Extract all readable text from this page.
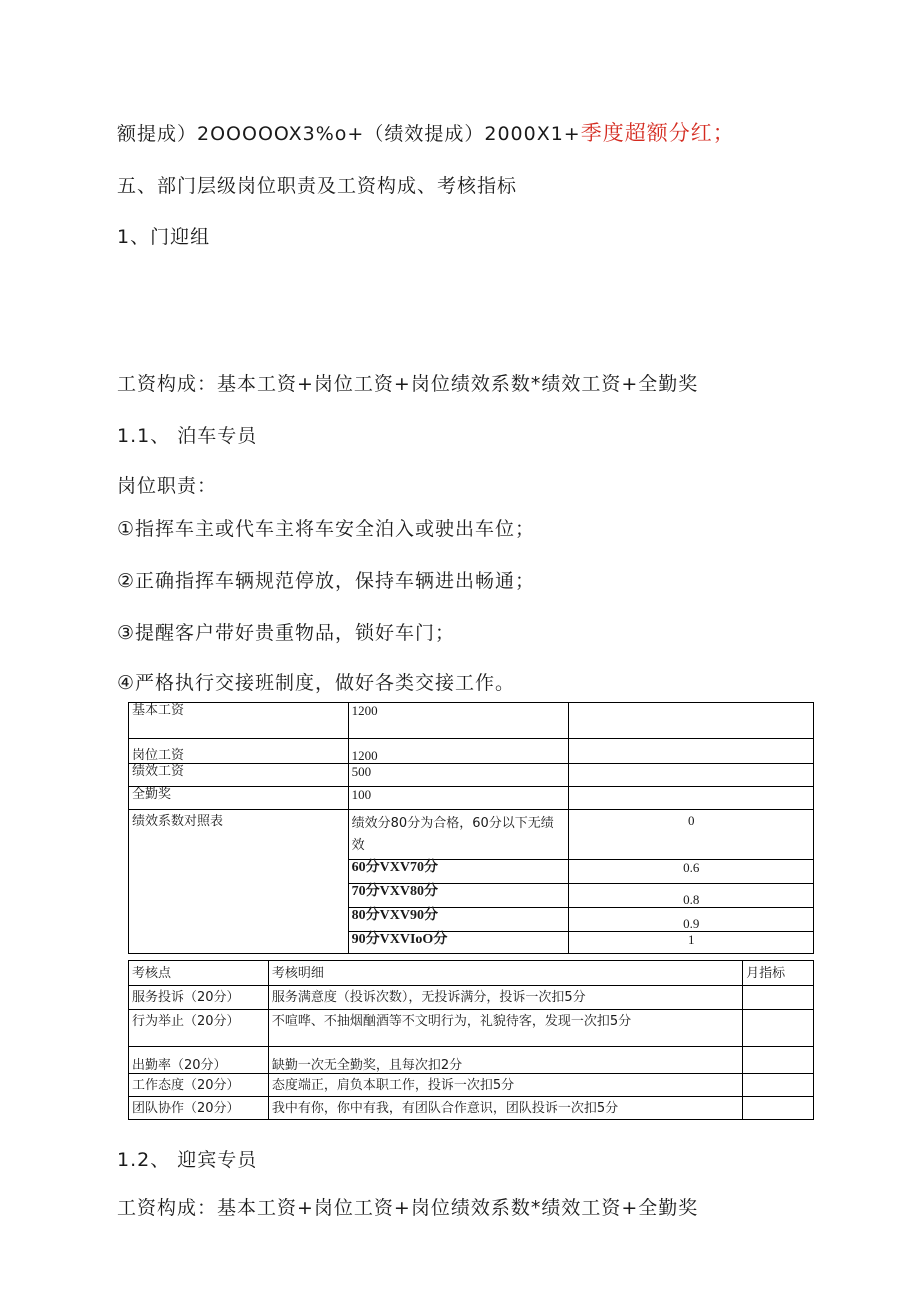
额提成）2OOOOOX3%o+（绩效提成）2000X1+季度超额分红；
五、部门层级岗位职责及工资构成、考核指标
1、门迎组
工资构成：基本工资+岗位工资+岗位绩效系数*绩效工资+全勤奖
1.1、 泊车专员
岗位职责：
①指挥车主或代车主将车安全泊入或驶出车位；
②正确指挥车辆规范停放，保持车辆进出畅通；
③提醒客户带好贵重物品，锁好车门；
④严格执行交接班制度，做好各类交接工作。
基本工资	1200	
岗位工资	1200	
绩效工资	500	
全勤奖	100	
绩效系数对照表	绩效分80分为合格，60分以下无绩效	0
	60分VXV70分	0.6
	70分VXV80分	0.8
	80分VXV90分	0.9
	90分VXVIoO分	1
考核点	考核明细	月指标
服务投诉（20分）	服务满意度（投诉次数），无投诉满分，投诉一次扣5分	
行为举止（20分）	不喧哗、不抽烟酗酒等不文明行为，礼貌待客，发现一次扣5分	
出勤率（20分）	缺勤一次无全勤奖，且每次扣2分	
工作态度（20分）	态度端正，肩负本职工作，投诉一次扣5分	
团队协作（20分）	我中有你，你中有我，有团队合作意识，团队投诉一次扣5分	
1.2、 迎宾专员
工资构成：基本工资+岗位工资+岗位绩效系数*绩效工资+全勤奖
